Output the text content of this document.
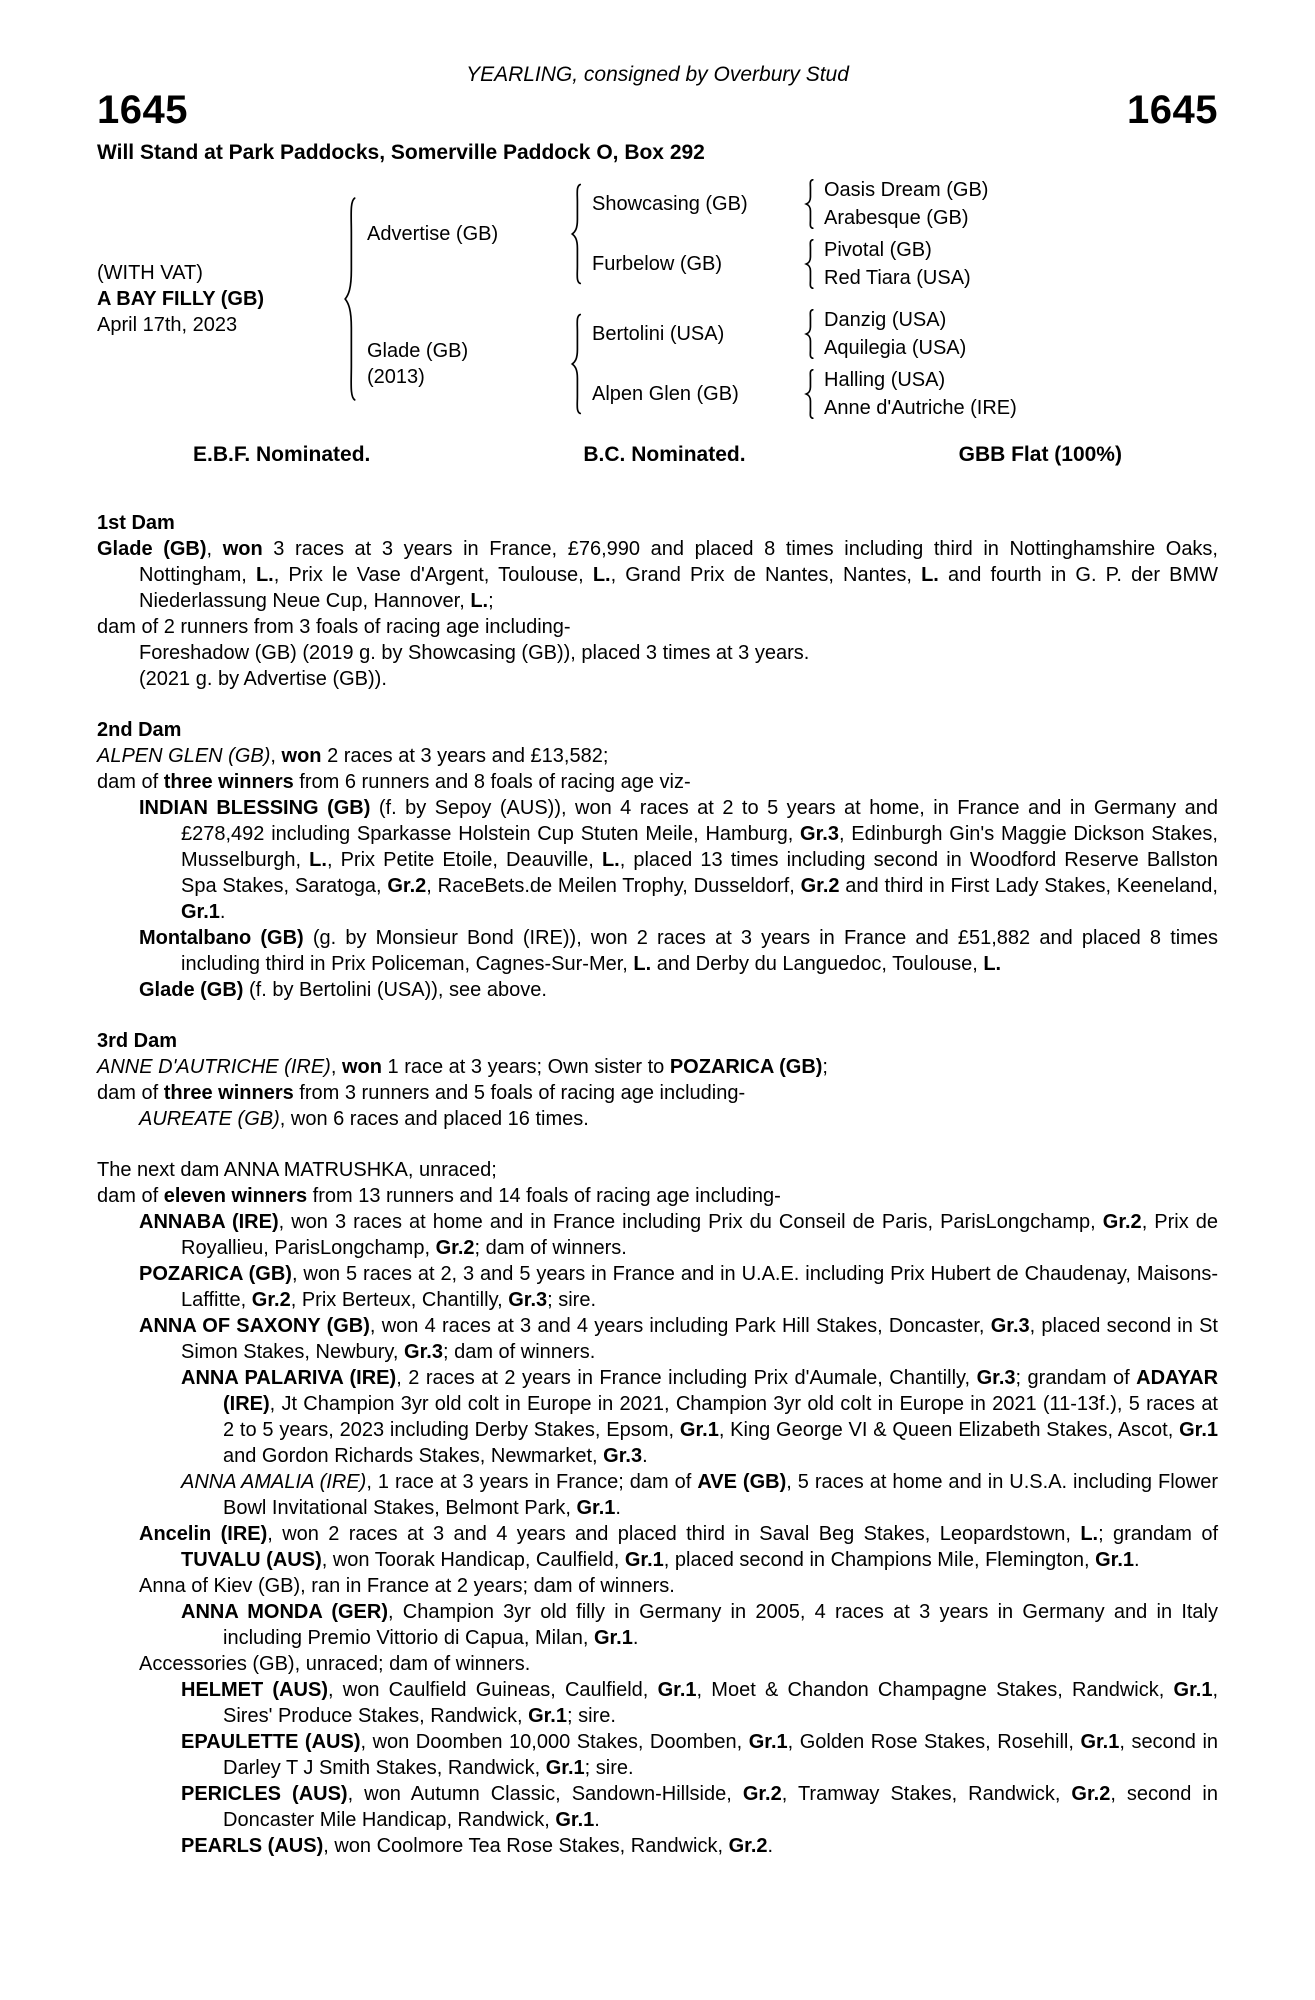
YEARLING, consigned by Overbury Stud
1645	1645
Will Stand at Park Paddocks, Somerville Paddock O, Box 292
(WITH VAT)
A BAY FILLY (GB)
April 17th, 2023
Advertise (GB)
Showcasing (GB)
Oasis Dream (GB)
Arabesque (GB)
Furbelow (GB)
Pivotal (GB)
Red Tiara (USA)
Glade (GB)
(2013)
Bertolini (USA)
Danzig (USA)
Aquilegia (USA)
Alpen Glen (GB)
Halling (USA)
Anne d'Autriche (IRE)
E.B.F. Nominated.	B.C. Nominated.	GBB Flat (100%)
1st Dam
Glade (GB), won 3 races at 3 years in France, £76,990 and placed 8 times including third in Nottinghamshire Oaks, Nottingham, L., Prix le Vase d'Argent, Toulouse, L., Grand Prix de Nantes, Nantes, L. and fourth in G. P. der BMW Niederlassung Neue Cup, Hannover, L.;
dam of 2 runners from 3 foals of racing age including-
Foreshadow (GB) (2019 g. by Showcasing (GB)), placed 3 times at 3 years.
(2021 g. by Advertise (GB)).
2nd Dam
ALPEN GLEN (GB), won 2 races at 3 years and £13,582;
dam of three winners from 6 runners and 8 foals of racing age viz-
INDIAN BLESSING (GB) (f. by Sepoy (AUS)), won 4 races at 2 to 5 years at home, in France and in Germany and £278,492 including Sparkasse Holstein Cup Stuten Meile, Hamburg, Gr.3, Edinburgh Gin's Maggie Dickson Stakes, Musselburgh, L., Prix Petite Etoile, Deauville, L., placed 13 times including second in Woodford Reserve Ballston Spa Stakes, Saratoga, Gr.2, RaceBets.de Meilen Trophy, Dusseldorf, Gr.2 and third in First Lady Stakes, Keeneland, Gr.1.
Montalbano (GB) (g. by Monsieur Bond (IRE)), won 2 races at 3 years in France and £51,882 and placed 8 times including third in Prix Policeman, Cagnes-Sur-Mer, L. and Derby du Languedoc, Toulouse, L.
Glade (GB) (f. by Bertolini (USA)), see above.
3rd Dam
ANNE D'AUTRICHE (IRE), won 1 race at 3 years; Own sister to POZARICA (GB);
dam of three winners from 3 runners and 5 foals of racing age including-
AUREATE (GB), won 6 races and placed 16 times.
The next dam ANNA MATRUSHKA, unraced;
dam of eleven winners from 13 runners and 14 foals of racing age including-
ANNABA (IRE), won 3 races at home and in France including Prix du Conseil de Paris, ParisLongchamp, Gr.2, Prix de Royallieu, ParisLongchamp, Gr.2; dam of winners.
POZARICA (GB), won 5 races at 2, 3 and 5 years in France and in U.A.E. including Prix Hubert de Chaudenay, Maisons-Laffitte, Gr.2, Prix Berteux, Chantilly, Gr.3; sire.
ANNA OF SAXONY (GB), won 4 races at 3 and 4 years including Park Hill Stakes, Doncaster, Gr.3, placed second in St Simon Stakes, Newbury, Gr.3; dam of winners.
ANNA PALARIVA (IRE), 2 races at 2 years in France including Prix d'Aumale, Chantilly, Gr.3; grandam of ADAYAR (IRE), Jt Champion 3yr old colt in Europe in 2021, Champion 3yr old colt in Europe in 2021 (11-13f.), 5 races at 2 to 5 years, 2023 including Derby Stakes, Epsom, Gr.1, King George VI & Queen Elizabeth Stakes, Ascot, Gr.1 and Gordon Richards Stakes, Newmarket, Gr.3.
ANNA AMALIA (IRE), 1 race at 3 years in France; dam of AVE (GB), 5 races at home and in U.S.A. including Flower Bowl Invitational Stakes, Belmont Park, Gr.1.
Ancelin (IRE), won 2 races at 3 and 4 years and placed third in Saval Beg Stakes, Leopardstown, L.; grandam of TUVALU (AUS), won Toorak Handicap, Caulfield, Gr.1, placed second in Champions Mile, Flemington, Gr.1.
Anna of Kiev (GB), ran in France at 2 years; dam of winners.
ANNA MONDA (GER), Champion 3yr old filly in Germany in 2005, 4 races at 3 years in Germany and in Italy including Premio Vittorio di Capua, Milan, Gr.1.
Accessories (GB), unraced; dam of winners.
HELMET (AUS), won Caulfield Guineas, Caulfield, Gr.1, Moet & Chandon Champagne Stakes, Randwick, Gr.1, Sires' Produce Stakes, Randwick, Gr.1; sire.
EPAULETTE (AUS), won Doomben 10,000 Stakes, Doomben, Gr.1, Golden Rose Stakes, Rosehill, Gr.1, second in Darley T J Smith Stakes, Randwick, Gr.1; sire.
PERICLES (AUS), won Autumn Classic, Sandown-Hillside, Gr.2, Tramway Stakes, Randwick, Gr.2, second in Doncaster Mile Handicap, Randwick, Gr.1.
PEARLS (AUS), won Coolmore Tea Rose Stakes, Randwick, Gr.2.
